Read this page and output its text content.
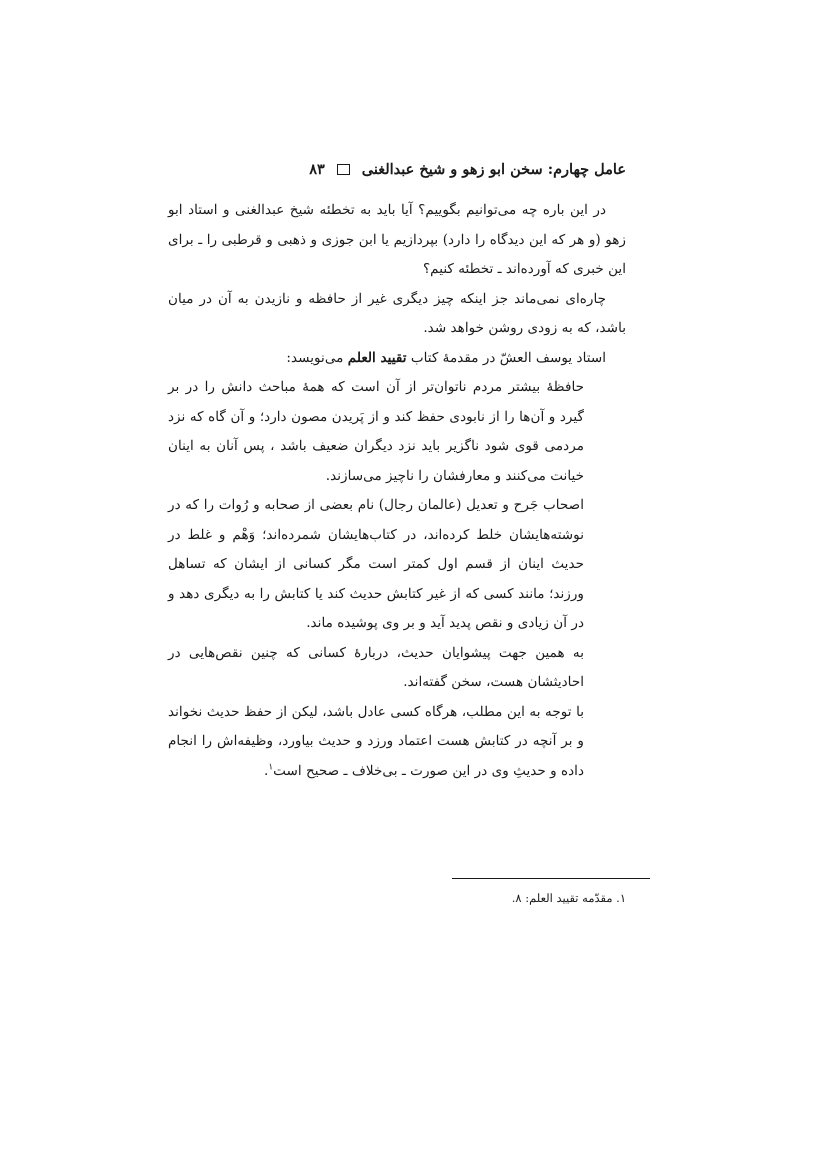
عامل چهارم: سخن ابو زهو و شیخ عبدالغنی
۸۳

در این باره چه می‌توانیم بگوییم؟ آیا باید به تخطئه شیخ عبدالغنی و استاد ابو زهو (و هر که این دیدگاه را دارد) بپردازیم یا ابن جوزی و ذهبی و قرطبی را ـ برای این خبری که آورده‌اند ـ تخطئه کنیم؟

چاره‌ای نمی‌ماند جز اینکه چیز دیگری غیر از حافظه و نازیدن به آن در میان باشد، که به زودی روشن خواهد شد.

استاد یوسف العشّ در مقدمهٔ کتاب تقیید العلم می‌نویسد:

حافظهٔ بیشتر مردم ناتوان‌تر از آن است که همهٔ مباحث دانش را در بر گیرد و آن‌ها را از نابودی حفظ کند و از پَریدن مصون دارد؛ و آن گاه که نزد مردمی قوی شود ناگزیر باید نزد دیگران ضعیف باشد ، پس آنان به اینان خیانت می‌کنند و معارفشان را ناچیز می‌سازند.

اصحاب جَرح و تعدیل (عالمان رجال) نام بعضی از صحابه و رُوات را که در نوشته‌هایشان خلط کرده‌اند، در کتاب‌هایشان شمرده‌اند؛ وَهْم و غلط در حدیث اینان از قسم اول کمتر است مگر کسانی از ایشان که تساهل ورزند؛ مانند کسی که از غیر کتابش حدیث کند یا کتابش را به دیگری دهد و در آن زیادی و نقص پدید آید و بر وی پوشیده ماند.

به همین جهت پیشوایان حدیث، دربارهٔ کسانی که چنین نقص‌هایی در احادیثشان هست، سخن گفته‌اند.

با توجه به این مطلب، هرگاه کسی عادل باشد، لیکن از حفظ حدیث نخواند و بر آنچه در کتابش هست اعتماد ورزد و حدیث بیاورد، وظیفه‌اش را انجام داده و حدیثِ وی در این صورت ـ بی‌خلاف ـ صحیح است$^۱$.

۱. مقدّمه تقیید العلم: ۸.
